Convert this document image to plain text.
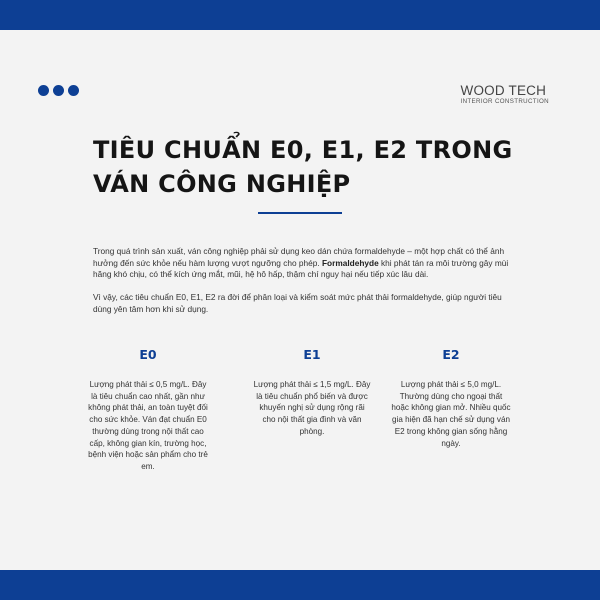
WOOD TECH
INTERIOR CONSTRUCTION
TIÊU CHUẨN E0, E1, E2 TRONG
VÁN CÔNG NGHIỆP

Trong quá trình sản xuất, ván công nghiệp phải sử dụng keo dán chứa formaldehyde – một hợp chất có thể ảnh hưởng đến sức khỏe nếu hàm lượng vượt ngưỡng cho phép. Formaldehyde khi phát tán ra môi trường gây mùi hăng khó chịu, có thể kích ứng mắt, mũi, hệ hô hấp, thậm chí nguy hại nếu tiếp xúc lâu dài.

Vì vậy, các tiêu chuẩn E0, E1, E2 ra đời để phân loại và kiểm soát mức phát thải formaldehyde, giúp người tiêu dùng yên tâm hơn khi sử dụng.

E0
Lượng phát thải ≤ 0,5 mg/L. Đây là tiêu chuẩn cao nhất, gần như không phát thải, an toàn tuyệt đối cho sức khỏe. Ván đạt chuẩn E0 thường dùng trong nội thất cao cấp, không gian kín, trường học, bệnh viện hoặc sản phẩm cho trẻ em.
E1
Lượng phát thải ≤ 1,5 mg/L. Đây là tiêu chuẩn phổ biến và được khuyến nghị sử dụng rộng rãi cho nội thất gia đình và văn phòng.
E2
Lượng phát thải ≤ 5,0 mg/L. Thường dùng cho ngoại thất hoặc không gian mở. Nhiều quốc gia hiện đã hạn chế sử dụng ván E2 trong không gian sống hằng ngày.
